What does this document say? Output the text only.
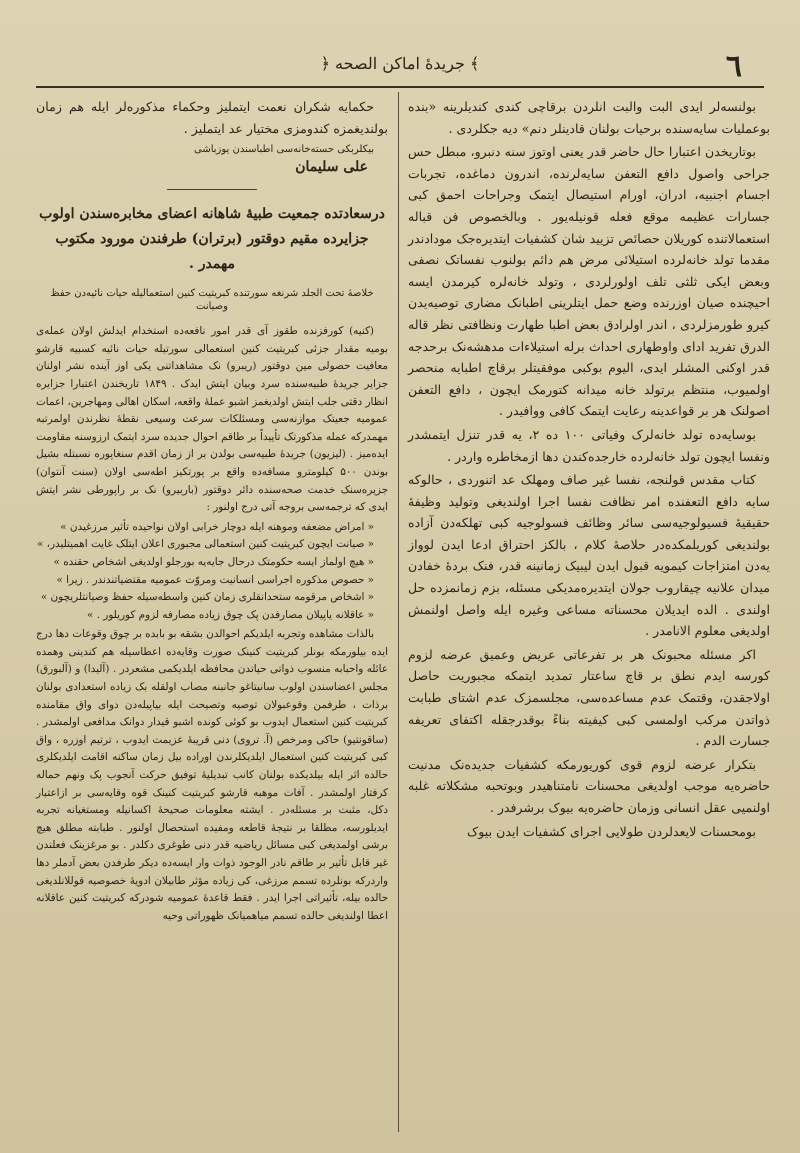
٦
﴿ جريدهٔ اماكن الصحه ﴾

بولنسه‌لر ایدی البت والبت انلردن برقاچی کندی کندیلرینه «بنده بوعملیات سایه‌سنده برحیات بولنان قادینلر دنم» دیه جکلردی .

بوتاریخدن اعتبارا حال حاضر قدر یعنی اوتوز سنه دنبرو، مبطل حس جراحی واصول دافع التعفن سایه‌لرنده، اندرون دماغده، تجربات اجسام اجنبیه، ادران، اورام استیصال ایتمک وجراحات احمق کبی جسارات عظیمه موقع فعله قونیله‌یور . وبالخصوص فن قباله استعمالاتنده کوریلان حصائص تزیید شان کشفیات ایتدیره‌جک مودادندر مقدما تولد خانه‌لرده استیلائی مرض هم دائم بولنوب نفساتک نصفی وبعض ایکی ثلثی تلف اولورلردی ، وتولد خانه‌لره کیرمدن ایسه احیچنده صیان اوزرنده وضع حمل ایتلرینی اطبانک مضاری توصیه‌یدن کیرو طورمزلردی ، اندر اولرادق بعض اطبا طهارت ونظافتی نظر قاله الدرق تفرید ادای واوطهاری احداث برله استیلاءات مدهشه‌نک برحدجه قدر اوکنی المشلر ایدی، الیوم بوکبی موفقیتلر برقاچ اطبایه منحصر اولمیوب، منتظم برتولد خانه میدانه کتورمک ایچون ، دافع التعفن اصولنک هر بر قواعدینه رعایت ایتمک کافی ووافیدر .

بوسایه‌ده تولد خانه‌لرک وفیاتی ۱۰۰ ده ۲، یه قدر تنزل ایتمشدر ونفسا ایچون تولد خانه‌لرده خارجده‌کندن دها ازمخاطره واردر .

کتاب مقدس قولنجه، نفسا غیر صاف ومهلک عد اتنوردی ، حالوکه سایه دافع التعفنده امر نظافت نفسا اجرا اولندیغی وتولید وظیفهٔ حقیقیهٔ فسیولوجیه‌سی سائر وظائف فسولوجیه کبی تهلکه‌دن آزاده بولندیغی کوریلمکده‌در حلاصهٔ کلام ، بالکز احتراق ادعا ایدن لوواز یه‌دن امتزاجات کیمویه قبول ایدن لیبیک زمانینه قدر، فنک بردهٔ خفادن میدان علانیه چیقاروب جولان ایتدیره‌مدیکی مسئله، بزم زمانمزده حل اولندی . الده ایدیلان محسناته مساعی وغیره ایله واصل اولنمش اولدیغی معلوم الانامدر .

اکر مسئله محبونک هر بر تفرعاتی عریض وعمیق عرضه لزوم کورسه ایدم نطق بر قاچ ساعتار تمدید ایتمکه مجبوریت حاصل اولاجقدن، وقتمک عدم مساعده‌سی، مجلسمزک عدم اشتای طبابت ذواتدن مرکب اولمسی کبی کیفیته بناءً بوقدرجقله اکتفای تعریفه جسارت الدم .

بتکرار عرضه لزوم قوی کوریورمکه کشفیات جدیده‌نک مدنیت حاضره‌یه موجب اولدیغی محسنات نامتناهیدر وبوتحبه مشکلاته غلبه اولنمیی عقل انسانی وزمان حاضره‌یه بیوک برشرفدر .

بومحسنات لایعدلردن طولایی اجرای کشفیات ایدن بیوک

حکمایه شکران نعمت ایتملیز وحکماء مذکوره‌لر ایله هم زمان بولندیغمزه کندومزی مختیار عد ایتملیز .

بیکلربکی حسته‌خانه‌سی اطباسندن یوزباشی

علی سلیمان

درسعادتده جمعیت طبیهٔ شاهانه اعضای مخابره‌سندن اولوب جزایرده مقیم دوقتور (برتران) طرفندن مورود مکتوب مهمدر .

خلاصهٔ تحت الجلد شرنغه سورتنده کبریتیت کنین استعمالیله حیات نائیه‌دن حفظ وصیانت

(کنیه) کورفزنده طقوز آی قدر امور نافعه‌ده استخدام ایدلش اولان عمله‌ی بومیه مقدار جزئی کبریتیت کنین استعمالی سورتیله حیات نائیه کسبیه قارشو معافیت حصولی مین دوقتور (ریبرو) نک مشاهداتنی یکی اوز آینده نشر اولنان جزایر جریدهٔ طبیه‌سنده سرد وبیان ایتش ایدک . ۱۸۴۹ تاریخندن اعتبارا جزایره انظار دقتی جلب ایتش اولدیغمز اشبو عملهٔ واقعه، اسکان اهالی ومهاجرین، اعمات عمومیه جعیتک موازنه‌سی ومسئلکات سرعت وسیعی نقطهٔ نظرندن اولمرتبه مهمدرکه عمله مذکورتک تأییداً بر طاقم احوال جدیده سرد ایتمک ارزوسنه مقاومت ایده‌میز . (لیزیون) جریدهٔ طبیه‌سی بولدن بر از زمان اقدم سنغاپوره نسبتله بشیل بوندن ۵۰۰ کیلومترو مسافه‌ده واقع بر پورتکیز اطه‌سی اولان (سنت آنتوان) جزیره‌سنک خدمت صحه‌سنده دائر دوقتور (باربیرو) نک بر راپورطی نشر ایتش ایدی که ترجمه‌سی بروجه آتی درج اولنور :

« امراض مضعفه وموهنه ایله دوچار خرابی اولان نواحیده تأثیر مرزغیدن »
« صیانت ایچون کبریتیت کنین استعمالی مجبوری اعلان ایتلک غایت اهمیتلیدر، »
« هیچ اولماز ایسه حکومتک درحال جایه‌یه بورجلو اولدیغی اشخاص حقنده »
« حصوص مذکوره اجراسی انسانیت ومروّت عمومیه مقتضیاتندندر . زیرا »
« اشخاص مرقومه ستحدانقلری زمان کنین واسطه‌سیله حفظ وصیانتلریچون »
« عاقلانه یاپیلان مصارفدن پک چوق زیاده مصارفه لزوم کوریلور . »

بالذات مشاهده وتجربه ایلدیکم احوالدن بشقه بو بابده بر چوق وقوعات دها درج ایده بیلورمکه بونلر کبریتیت کنینک صورت وقایه‌ده اعطاسیله هم کندینی وهمده عائله واحبابه منسوب ذواتی حیاتدن محافظه ایلدیکمی مشعردر . (آلیدا) و (آلبورق) مجلس اعضاسندن اولوب سانیتاغو جانبنه مصاب اولقله بک زیاده استعدادی بولنان برذات ، طرفمن وقوعبولان توصیه وتصیحت ایله بیاپیله‌دن دوای واق مقامنده کبریتیت کنین استعمال ایدوب بو کوئی کونده اشبو قیدار دوانک مدافعی اولمشدر . (ساقونتیو) حاکی ومرخص (آ. تروی) دنی قریبهٔ عزیمت ایدوب ، ترتیم اوزره ، واق کبی کبریتیت کنین استعمال ایلدیکلرندن اوراده بیل زمان ساکنه اقامت ایلدیکلری حالده اثر ایله بیلدیکده بولنان کانب تبدیلیهٔ توفیق حرکت آنجوب پک ونهم حماله کرفتار اولمشدر . آفات موهبه قارشو کبریتیت کنینک قوه وقایه‌سی بر ازاعتبار دکل، مثبت بر مسئله‌در . ایشته معلومات صحیحهٔ اکسانیله ومستغیانه تجربه ایدیلورسه، مطلقا بر نتیجهٔ قاطعه ومفیده استحصال اولنور . طبابته مطلق هیچ برشی اولمدیغی کبی مسائل ریاضیه قدر دنی طوغری دکلدر . بو مرغزینک فعلندن غیر قابل تأثیر بر طاقم نادر الوجود ذوات وار ایسه‌ده دیکر طرفدن بعض آدملر دها واردرکه بونلرده تسمم مرزغی، کی زیاده مؤثر طابیلان ادویهٔ خصوصیه قوللانلدیغی حالده بیله، تأثیراتی اجرا ایدر . فقط قاعدهٔ عمومیه شودرکه کبریتیت کنین عاقلانه اعطا اولندیغی حالده تسمم میاهمیانک ظهوراتی وحیه
